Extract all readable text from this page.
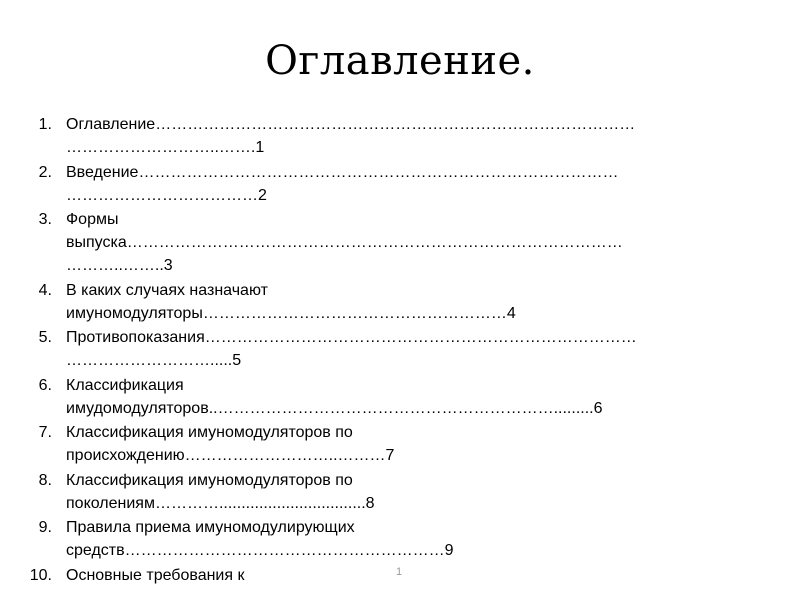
Оглавление.
1. Оглавление………………………………………………………………………………
………………………..…….1
2. Введение………………………………………………………………………………
………………………………2
3. Формы
выпуска…………………………………………………………………………………
………..……..3
4. В каких случаях назначают
имуномодуляторы…………………………………………………4
5. Противопоказания………………………………………………………………………
……………………….....5
6. Классификация
имудомодуляторов..……………………………………………………….........6
7. Классификация имуномодуляторов по
происхождению………………………..………7
8. Классификация имуномодуляторов по
поколениям………….................................8
9. Правила приема имуномодулирующих
средств……………………………………………………9
10. Основные требования к	1
